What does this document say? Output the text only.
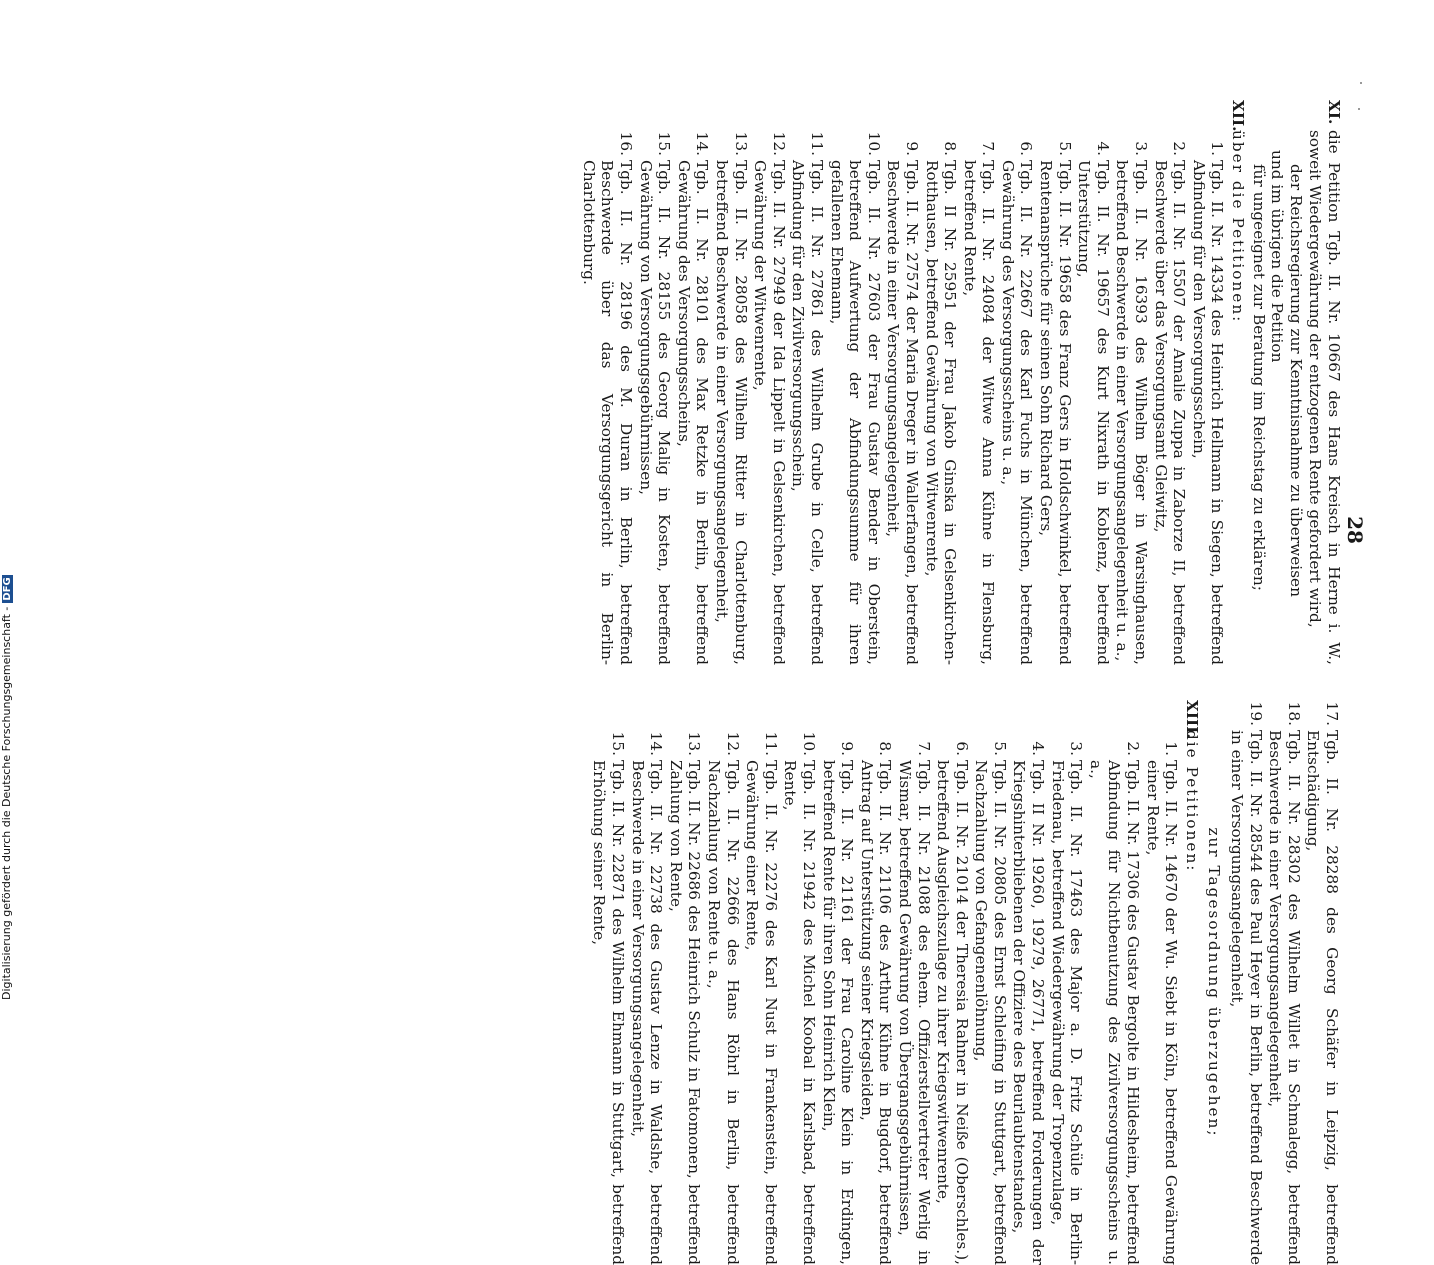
28
XI.
die Petition Tgb. II. Nr. 10667 des Hans Kreisch in Herne i. W., soweit Wiedergewährung der entzogenen Rente gefordert wird,
der Reichsregierung zur Kenntnisnahme zu überweisen
und im übrigen die Petition
für ungeeignet zur Beratung im Reichstag zu erklären;
XII.
über die Petitionen:
1.
Tgb. II. Nr. 14334 des Heinrich Hellmann in Siegen, betreffend Abfindung für den Versorgungsschein,
2.
Tgb. II. Nr. 15507 der Amalie Zuppa in Zaborze II, betreffend Beschwerde über das Versorgungsamt Gleiwitz,
3.
Tgb. II. Nr. 16393 des Wilhelm Böger in Warsinghausen, betreffend Beschwerde in einer Versorgungsangelegenheit u. a.,
4.
Tgb. II. Nr. 19657 des Kurt Nixrath in Koblenz, betreffend Unterstützung,
5.
Tgb. II. Nr. 19658 des Franz Gers in Holdschwinkel, betreffend Rentenansprüche für seinen Sohn Richard Gers,
6.
Tgb. II. Nr. 22667 des Karl Fuchs in München, betreffend Gewährung des Versorgungsscheins u. a.,
7.
Tgb. II. Nr. 24084 der Witwe Anna Kühne in Flensburg, betreffend Rente,
8.
Tgb. II Nr. 25951 der Frau Jakob Ginska in Gelsenkirchen-Rotthausen, betreffend Gewährung von Witwenrente,
9.
Tgb. II. Nr. 27574 der Maria Dreger in Wallerfangen, betreffend Beschwerde in einer Versorgungsangelegenheit,
10.
Tgb. II. Nr. 27603 der Frau Gustav Bender in Oberstein, betreffend Aufwertung der Abfindungssumme für ihren gefallenen Ehemann,
11.
Tgb. II. Nr. 27861 des Wilhelm Grube in Celle, betreffend Abfindung für den Zivilversorgungsschein,
12.
Tgb. II. Nr. 27949 der Ida Lippelt in Gelsenkirchen, betreffend Gewährung der Witwenrente,
13.
Tgb. II. Nr. 28058 des Wilhelm Ritter in Charlottenburg, betreffend Beschwerde in einer Versorgungsangelegenheit,
14.
Tgb. II. Nr. 28101 des Max Retzke in Berlin, betreffend Gewährung des Versorgungsscheins,
15.
Tgb. II. Nr. 28155 des Georg Malig in Kosten, betreffend Gewährung von Versorgungsgebührnissen,
16.
Tgb. II. Nr. 28196 des M. Duran in Berlin, betreffend Beschwerde über das Versorgungsgericht in Berlin-Charlottenburg.
17.
Tgb. II. Nr. 28288 des Georg Schäfer in Leipzig, betreffend Entschädigung,
18.
Tgb. II. Nr. 28302 des Wilhelm Willet in Schmalegg, betreffend Beschwerde in einer Versorgungsangelegenheit,
19.
Tgb. II. Nr. 28544 des Paul Heyer in Berlin, betreffend Beschwerde in einer Versorgungsangelegenheit,
zur Tagesordnung überzugehen;
XIII.
die Petitionen:
1.
Tgb. II. Nr. 14670 der Wu. Siebt in Köln, betreffend Gewährung einer Rente,
2.
Tgb. II. Nr. 17306 des Gustav Bergolte in Hildesheim, betreffend Abfindung für Nichtbenutzung des Zivilversorgungsscheins u. a.,
3.
Tgb. II. Nr. 17463 des Major a. D. Fritz Schüle in Berlin-Friedenau, betreffend Wiedergewährung der Tropenzulage,
4.
Tgb. II Nr. 19260, 19279, 26771, betreffend Forderungen der Kriegshinterbliebenen der Offiziere des Beurlaubtenstandes,
5.
Tgb. II. Nr. 20805 des Ernst Schleifing in Stuttgart, betreffend Nachzahlung von Gefangenenlöhnung,
6.
Tgb. II. Nr. 21014 der Theresia Rahner in Neiße (Oberschles.), betreffend Ausgleichszulage zu ihrer Kriegswitwenrente,
7.
Tgb. II. Nr. 21088 des ehem. Offizierstellvertreter Werlig in Wismar, betreffend Gewährung von Übergangsgebührnissen,
8.
Tgb. II. Nr. 21106 des Arthur Kühne in Bugdorf, betreffend Antrag auf Unterstützung seiner Kriegsleiden,
9.
Tgb. II. Nr. 21161 der Frau Caroline Klein in Erdingen, betreffend Rente für ihren Sohn Heinrich Klein,
10.
Tgb. II. Nr. 21942 des Michel Koobal in Karlsbad, betreffend Rente,
11.
Tgb. II. Nr. 22276 des Karl Nust in Frankenstein, betreffend Gewährung einer Rente,
12.
Tgb. II. Nr. 22666 des Hans Röhrl in Berlin, betreffend Nachzahlung von Rente u. a.,
13.
Tgb. II. Nr. 22686 des Heinrich Schulz in Fatomonen, betreffend Zahlung von Rente,
14.
Tgb. II. Nr. 22738 des Gustav Lenze in Waldshe, betreffend Beschwerde in einer Versorgungsangelegenheit,
15.
Tgb. II. Nr. 22871 des Wilhelm Ehmann in Stuttgart, betreffend Erhöhung seiner Rente,
Digitalisierung gefördert durch die Deutsche Forschungsgemeinschaft -DFG
